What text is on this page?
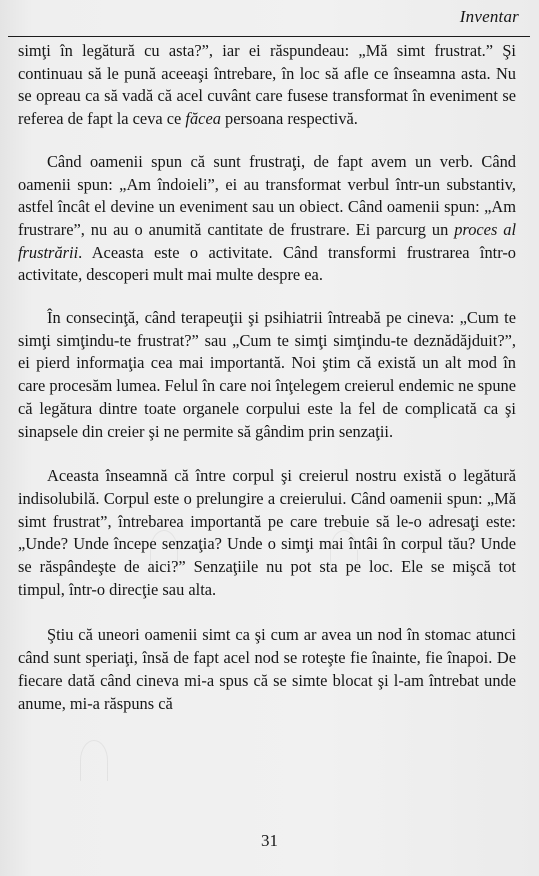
Inventar

simţi în legătură cu asta?”, iar ei răspundeau: „Mă simt frustrat.” Şi continuau să le pună aceeaşi întrebare, în loc să afle ce înseamna asta. Nu se opreau ca să vadă că acel cuvânt care fusese transformat în eveniment se referea de fapt la ceva ce făcea persoana respectivă.

Când oamenii spun că sunt frustraţi, de fapt avem un verb. Când oamenii spun: „Am îndoieli”, ei au transformat verbul într-un substantiv, astfel încât el devine un eveniment sau un obiect. Când oamenii spun: „Am frustrare”, nu au o anumită cantitate de frustrare. Ei parcurg un proces al frustrării. Aceasta este o activitate. Când transformi frustrarea într-o activitate, descoperi mult mai multe despre ea.

În consecinţă, când terapeuţii şi psihiatrii întreabă pe cineva: „Cum te simţi simţindu-te frustrat?” sau „Cum te simţi simţindu-te deznădăjduit?”, ei pierd informaţia cea mai importantă. Noi ştim că există un alt mod în care procesăm lumea. Felul în care noi înţelegem creierul endemic ne spune că legătura dintre toate organele corpului este la fel de complicată ca şi sinapsele din creier şi ne permite să gândim prin senzaţii.

Aceasta înseamnă că între corpul şi creierul nostru există o legătură indisolubilă. Corpul este o prelungire a creierului. Când oamenii spun: „Mă simt frustrat”, întrebarea importantă pe care trebuie să le-o adresaţi este: „Unde? Unde începe senzaţia? Unde o simţi mai întâi în corpul tău? Unde se răspândeşte de aici?” Senzaţiile nu pot sta pe loc. Ele se mişcă tot timpul, într-o direcţie sau alta.

Ştiu că uneori oamenii simt ca şi cum ar avea un nod în stomac atunci când sunt speriaţi, însă de fapt acel nod se roteşte fie înainte, fie înapoi. De fiecare dată când cineva mi-a spus că se simte blocat şi l-am întrebat unde anume, mi-a răspuns că

31
